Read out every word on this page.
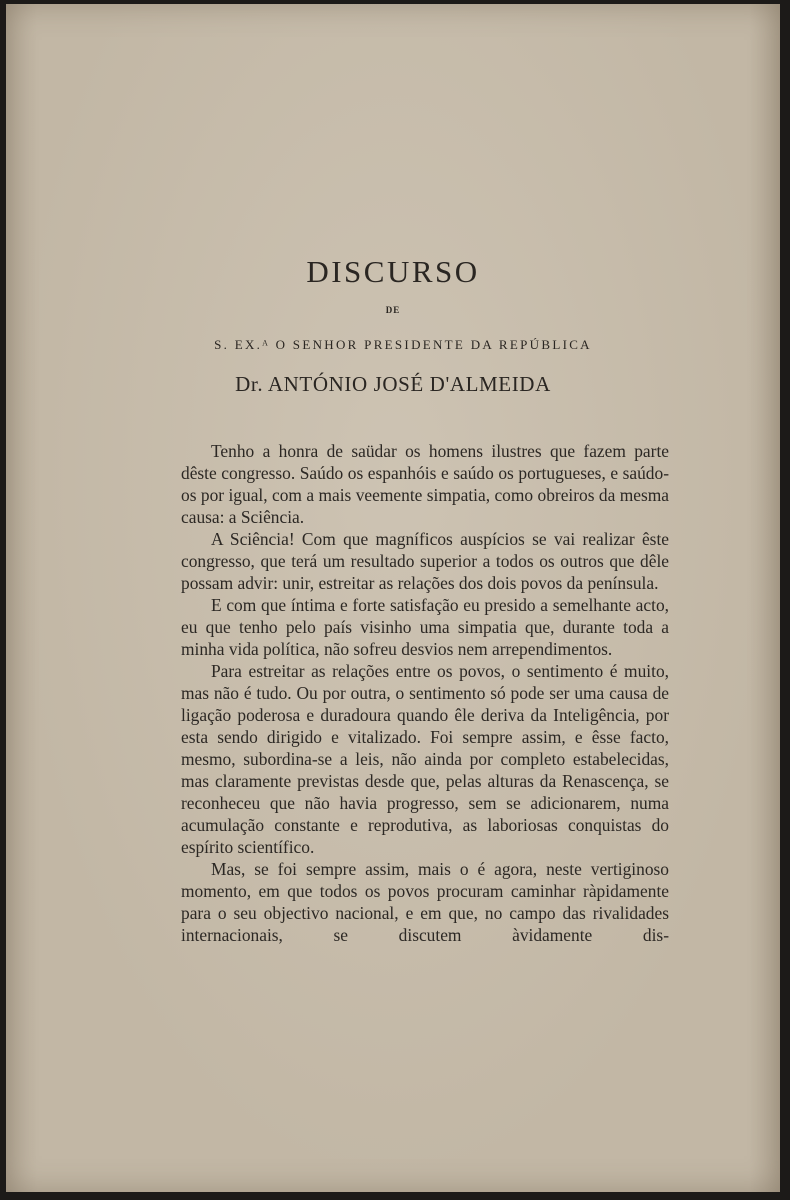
DISCURSO
DE
S. EX.ᴬ O SENHOR PRESIDENTE DA REPÚBLICA
Dr. ANTÓNIO JOSÉ D'ALMEIDA

Tenho a honra de saüdar os homens ilustres que fazem parte dêste congresso. Saúdo os espanhóis e saúdo os portugueses, e saúdo-os por igual, com a mais veemente simpatia, como obreiros da mesma causa: a Sciência.

A Sciência! Com que magníficos auspícios se vai realizar êste congresso, que terá um resultado superior a todos os outros que dêle possam advir: unir, estreitar as relações dos dois povos da península.

E com que íntima e forte satisfação eu presido a semelhante acto, eu que tenho pelo país visinho uma simpatia que, durante toda a minha vida política, não sofreu desvios nem arrependimentos.

Para estreitar as relações entre os povos, o sentimento é muito, mas não é tudo. Ou por outra, o sentimento só pode ser uma causa de ligação poderosa e duradoura quando êle deriva da Inteligência, por esta sendo dirigido e vitalizado. Foi sempre assim, e êsse facto, mesmo, subordina-se a leis, não ainda por completo estabelecidas, mas claramente previstas desde que, pelas alturas da Renascença, se reconheceu que não havia progresso, sem se adicionarem, numa acumulação constante e reprodutiva, as laboriosas conquistas do espírito scientífico.

Mas, se foi sempre assim, mais o é agora, neste vertiginoso momento, em que todos os povos procuram caminhar ràpidamente para o seu objectivo nacional, e em que, no campo das rivalidades internacionais, se discutem àvidamente dis-
